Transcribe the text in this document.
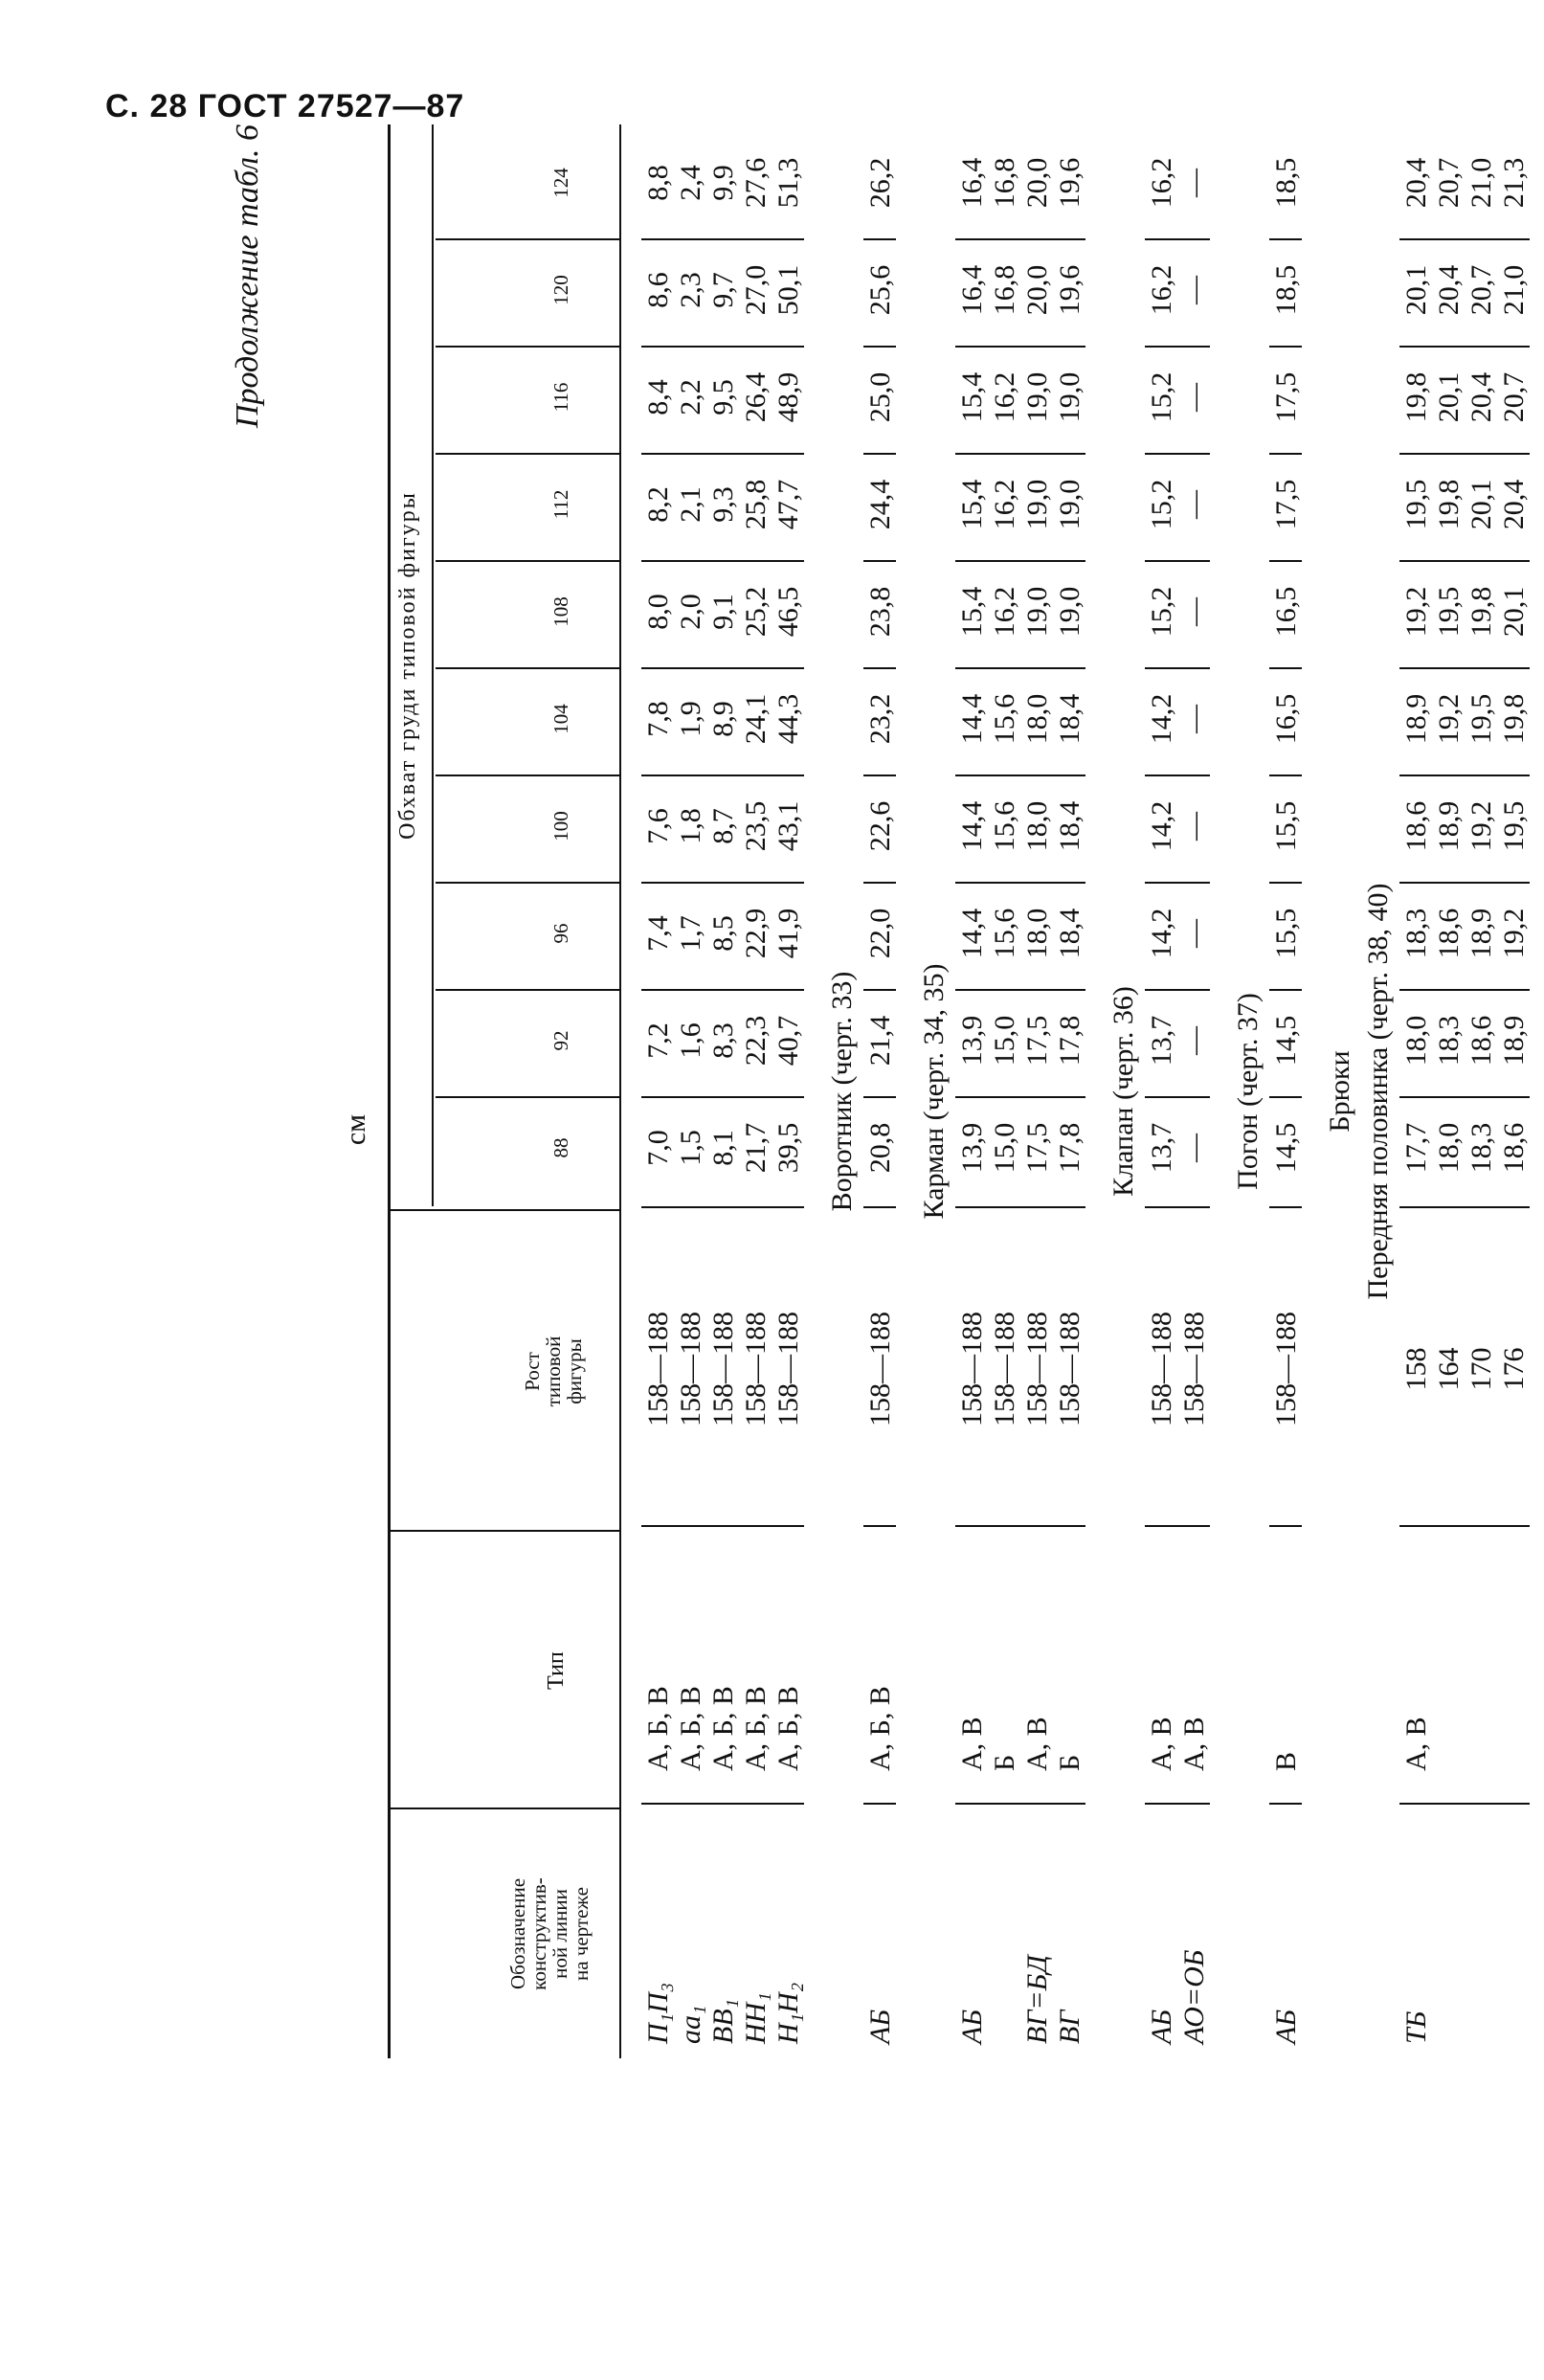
С. 28 ГОСТ 27527—87
Продолжение табл. 6
см
Обозначение
конструктив-
ной линии
на чертеже
Тип
Рост
типовой
фигуры
Обхват груди типовой фигуры
88
92
96
100
104
108
112
116
120
124
П₁П₃
А, Б, В
158—188
7,0
7,2
7,4
7,6
7,8
8,0
8,2
8,4
8,6
8,8
aa₁
А, Б, В
158—188
1,5
1,6
1,7
1,8
1,9
2,0
2,1
2,2
2,3
2,4
ВВ₁
А, Б, В
158—188
8,1
8,3
8,5
8,7
8,9
9,1
9,3
9,5
9,7
9,9
НН₁
А, Б, В
158—188
21,7
22,3
22,9
23,5
24,1
25,2
25,8
26,4
27,0
27,6
Н₁Н₂
А, Б, В
158—188
39,5
40,7
41,9
43,1
44,3
46,5
47,7
48,9
50,1
51,3
Воротник (черт. 33)
АБ
А, Б, В
158—188
20,8
21,4
22,0
22,6
23,2
23,8
24,4
25,0
25,6
26,2
Карман (черт. 34, 35)
АБ
А, В
158—188
13,9
13,9
14,4
14,4
14,4
15,4
15,4
15,4
16,4
16,4
Б
158—188
15,0
15,0
15,6
15,6
15,6
16,2
16,2
16,2
16,8
16,8
ВГ=БД
А, В
158—188
17,5
17,5
18,0
18,0
18,0
19,0
19,0
19,0
20,0
20,0
ВГ
Б
158—188
17,8
17,8
18,4
18,4
18,4
19,0
19,0
19,0
19,6
19,6
Клапан (черт. 36)
АБ
А, В
158—188
13,7
13,7
14,2
14,2
14,2
15,2
15,2
15,2
16,2
16,2
АО=ОБ
А, В
158—188
—
—
—
—
—
—
—
—
—
—
Погон (черт. 37)
АБ
В
158—188
14,5
14,5
15,5
15,5
16,5
16,5
17,5
17,5
18,5
18,5
Брюки Передняя половинка (черт. 38, 40)
ТБ
А, В
158
17,7
18,0
18,3
18,6
18,9
19,2
19,5
19,8
20,1
20,4
164
18,0
18,3
18,6
18,9
19,2
19,5
19,8
20,1
20,4
20,7
170
18,3
18,6
18,9
19,2
19,5
19,8
20,1
20,4
20,7
21,0
176
18,6
18,9
19,2
19,5
19,8
20,1
20,4
20,7
21,0
21,3
